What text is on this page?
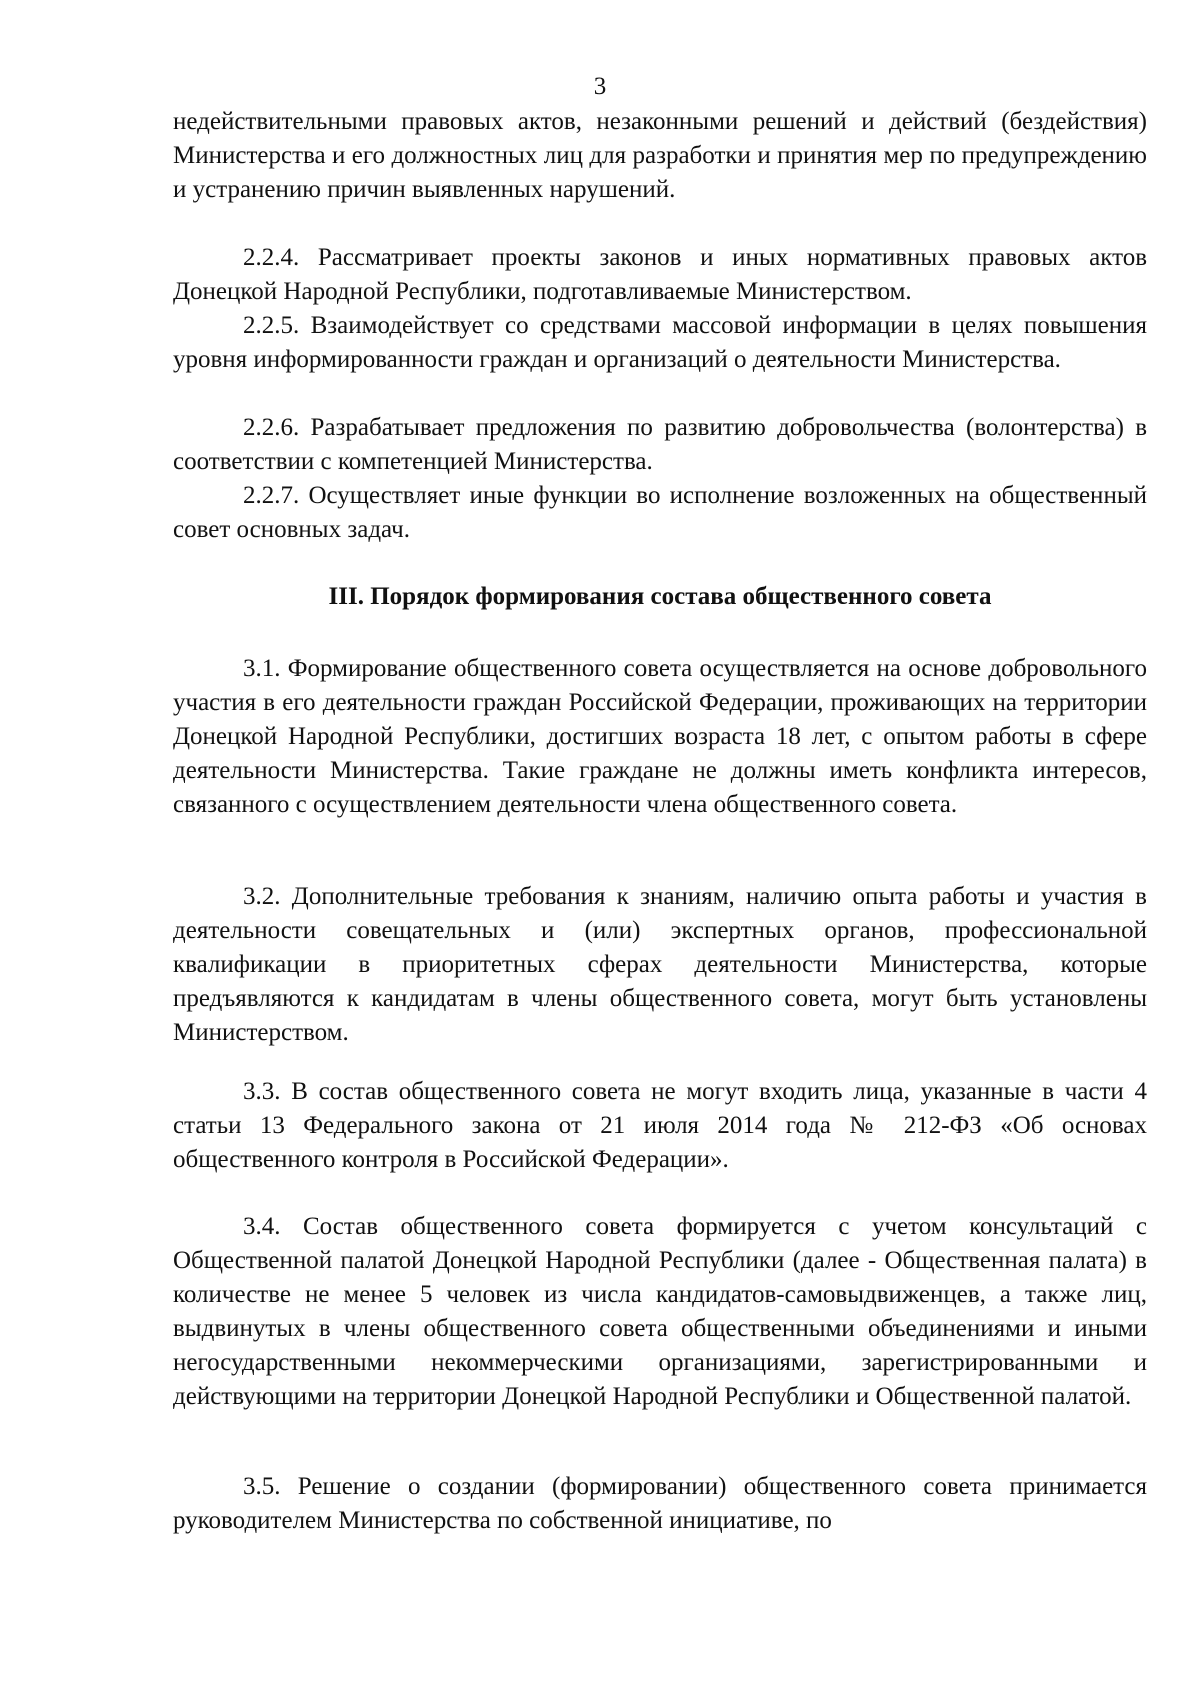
3

недействительными правовых актов, незаконными решений и действий (бездействия) Министерства и его должностных лиц для разработки и принятия мер по предупреждению и устранению причин выявленных нарушений.

2.2.4. Рассматривает проекты законов и иных нормативных правовых актов Донецкой Народной Республики, подготавливаемые Министерством.

2.2.5. Взаимодействует со средствами массовой информации в целях повышения уровня информированности граждан и организаций о деятельности Министерства.

2.2.6. Разрабатывает предложения по развитию добровольчества (волонтерства) в соответствии с компетенцией Министерства.

2.2.7. Осуществляет иные функции во исполнение возложенных на общественный совет основных задач.

III. Порядок формирования состава общественного совета

3.1. Формирование общественного совета осуществляется на основе добровольного участия в его деятельности граждан Российской Федерации, проживающих на территории Донецкой Народной Республики, достигших возраста 18 лет, с опытом работы в сфере деятельности Министерства. Такие граждане не должны иметь конфликта интересов, связанного с осуществлением деятельности члена общественного совета.

3.2. Дополнительные требования к знаниям, наличию опыта работы и участия в деятельности совещательных и (или) экспертных органов, профессиональной квалификации в приоритетных сферах деятельности Министерства, которые предъявляются к кандидатам в члены общественного совета, могут быть установлены Министерством.

3.3. В состав общественного совета не могут входить лица, указанные в части 4 статьи 13 Федерального закона от 21 июля 2014 года № 212-ФЗ «Об основах общественного контроля в Российской Федерации».

3.4. Состав общественного совета формируется с учетом консультаций с Общественной палатой Донецкой Народной Республики (далее - Общественная палата) в количестве не менее 5 человек из числа кандидатов-самовыдвиженцев, а также лиц, выдвинутых в члены общественного совета общественными объединениями и иными негосударственными некоммерческими организациями, зарегистрированными и действующими на территории Донецкой Народной Республики и Общественной палатой.

3.5. Решение о создании (формировании) общественного совета принимается руководителем Министерства по собственной инициативе, по
